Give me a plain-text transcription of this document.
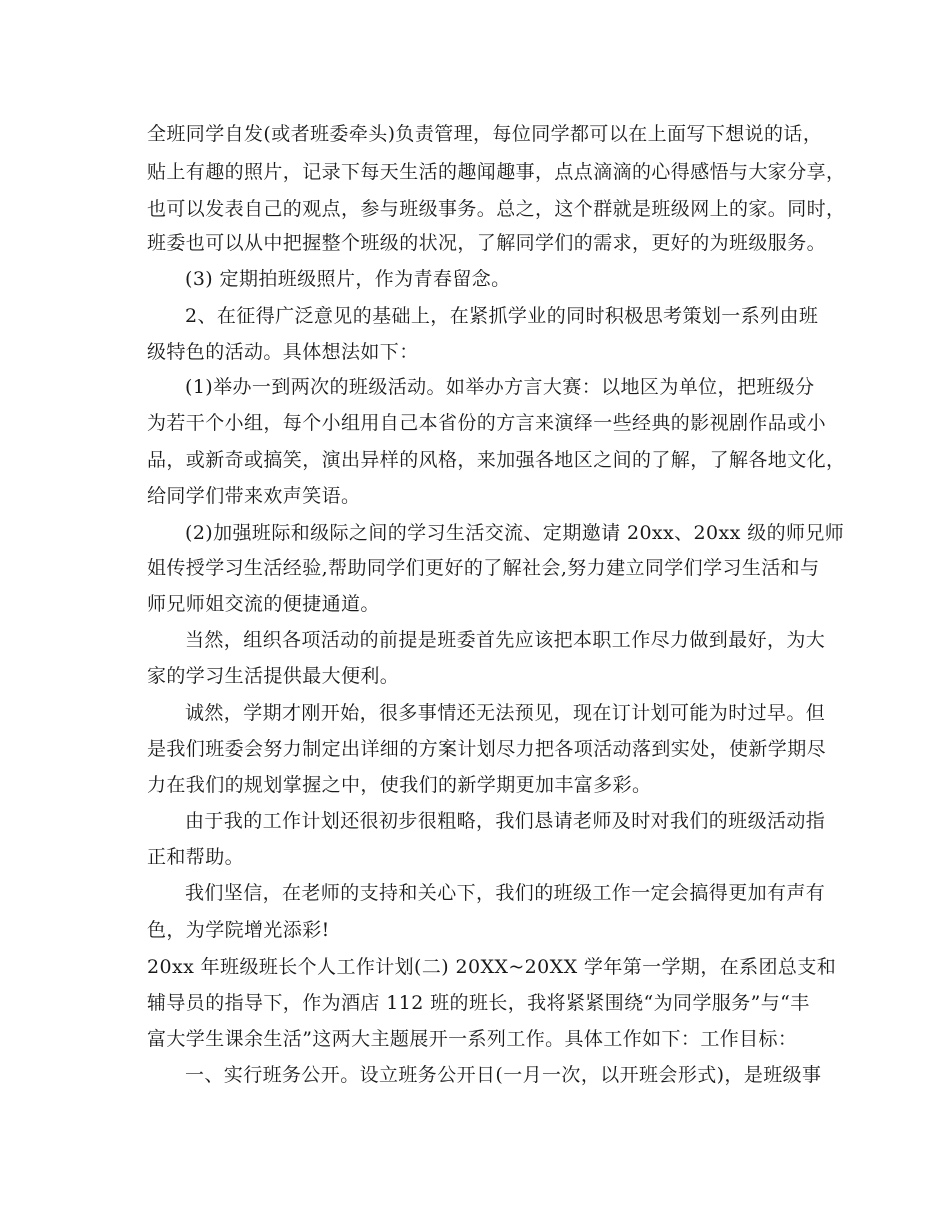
全班同学自发(或者班委牵头)负责管理，每位同学都可以在上面写下想说的话，
贴上有趣的照片，记录下每天生活的趣闻趣事，点点滴滴的心得感悟与大家分享，
也可以发表自己的观点，参与班级事务。总之，这个群就是班级网上的家。同时，
班委也可以从中把握整个班级的状况，了解同学们的需求，更好的为班级服务。
(3) 定期拍班级照片，作为青春留念。
2、在征得广泛意见的基础上，在紧抓学业的同时积极思考策划一系列由班
级特色的活动。具体想法如下：
(1)举办一到两次的班级活动。如举办方言大赛：以地区为单位，把班级分
为若干个小组，每个小组用自己本省份的方言来演绎一些经典的影视剧作品或小
品，或新奇或搞笑，演出异样的风格，来加强各地区之间的了解，了解各地文化，
给同学们带来欢声笑语。
(2)加强班际和级际之间的学习生活交流、定期邀请 20xx、20xx 级的师兄师
姐传授学习生活经验,帮助同学们更好的了解社会,努力建立同学们学习生活和与
师兄师姐交流的便捷通道。
当然，组织各项活动的前提是班委首先应该把本职工作尽力做到最好，为大
家的学习生活提供最大便利。
诚然，学期才刚开始，很多事情还无法预见，现在订计划可能为时过早。但
是我们班委会努力制定出详细的方案计划尽力把各项活动落到实处，使新学期尽
力在我们的规划掌握之中，使我们的新学期更加丰富多彩。
由于我的工作计划还很初步很粗略，我们恳请老师及时对我们的班级活动指
正和帮助。
我们坚信，在老师的支持和关心下，我们的班级工作一定会搞得更加有声有
色，为学院增光添彩!
20xx 年班级班长个人工作计划(二) 20XX~20XX 学年第一学期，在系团总支和
辅导员的指导下，作为酒店 112 班的班长，我将紧紧围绕“为同学服务”与“丰
富大学生课余生活”这两大主题展开一系列工作。具体工作如下：工作目标：
一、实行班务公开。设立班务公开日(一月一次，以开班会形式)，是班级事
